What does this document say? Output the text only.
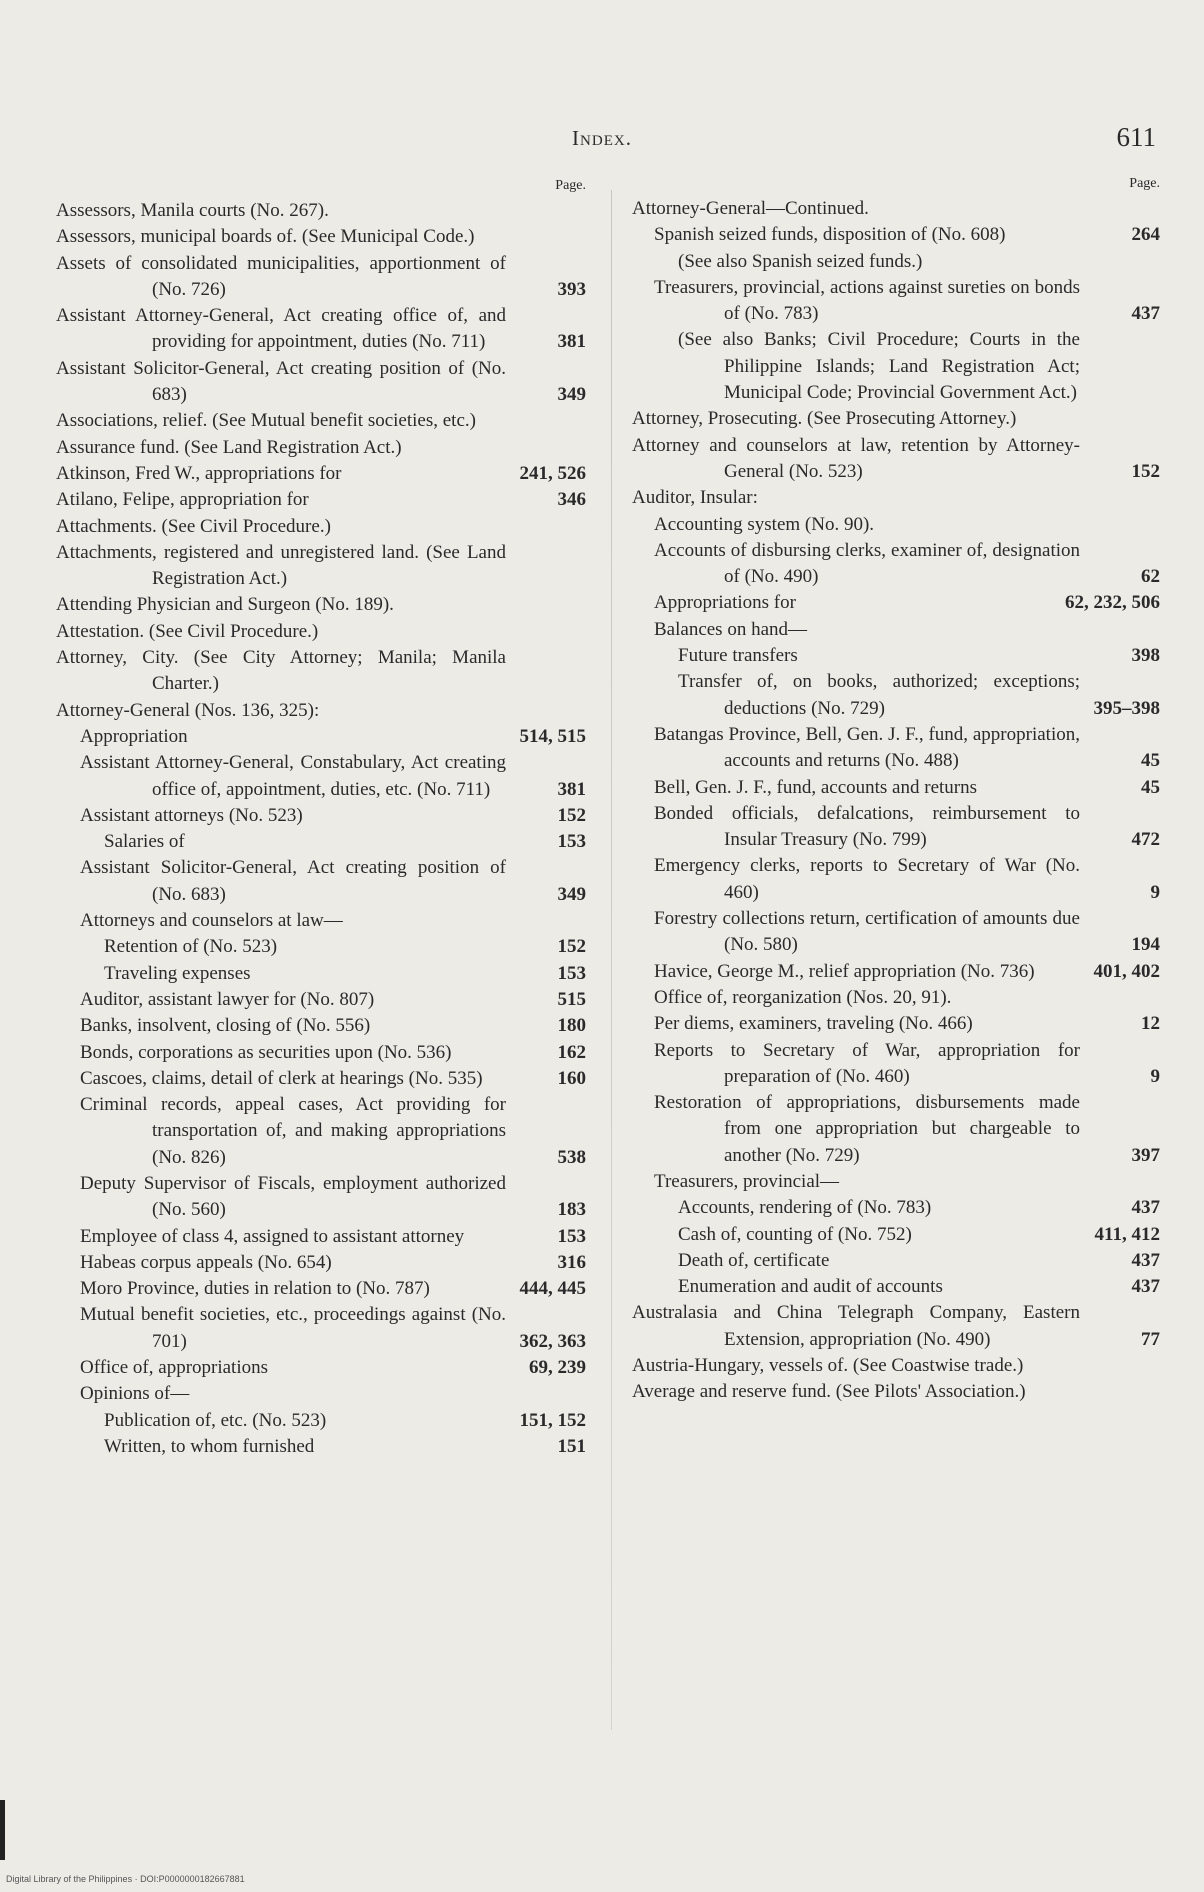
Index.	611
Page.
Assessors, Manila courts (No. 267).
Assessors, municipal boards of. (See Municipal Code.)
Assets of consolidated municipalities, apportionment of (No. 726)	393
Assistant Attorney-General, Act creating office of, and providing for appointment, duties (No. 711)	381
Assistant Solicitor-General, Act creating position of (No. 683)	349
Associations, relief. (See Mutual benefit societies, etc.)
Assurance fund. (See Land Registration Act.)
Atkinson, Fred W., appropriations for	241, 526
Atilano, Felipe, appropriation for	346
Attachments. (See Civil Procedure.)
Attachments, registered and unregistered land. (See Land Registration Act.)
Attending Physician and Surgeon (No. 189).
Attestation. (See Civil Procedure.)
Attorney, City. (See City Attorney; Manila; Manila Charter.)
Attorney-General (Nos. 136, 325):
Appropriation	514, 515
Assistant Attorney-General, Constabulary, Act creating office of, appointment, duties, etc. (No. 711)	381
Assistant attorneys (No. 523)	152
Salaries of	153
Assistant Solicitor-General, Act creating position of (No. 683)	349
Attorneys and counselors at law—
Retention of (No. 523)	152
Traveling expenses	153
Auditor, assistant lawyer for (No. 807)	515
Banks, insolvent, closing of (No. 556)	180
Bonds, corporations as securities upon (No. 536)	162
Cascoes, claims, detail of clerk at hearings (No. 535)	160
Criminal records, appeal cases, Act providing for transportation of, and making appropriations (No. 826)	538
Deputy Supervisor of Fiscals, employment authorized (No. 560)	183
Employee of class 4, assigned to assistant attorney	153
Habeas corpus appeals (No. 654)	316
Moro Province, duties in relation to (No. 787)	444, 445
Mutual benefit societies, etc., proceedings against (No. 701)	362, 363
Office of, appropriations	69, 239
Opinions of—
Publication of, etc. (No. 523)	151, 152
Written, to whom furnished	151
Page.
Attorney-General—Continued.
Spanish seized funds, disposition of (No. 608)	264
(See also Spanish seized funds.)
Treasurers, provincial, actions against sureties on bonds of (No. 783)	437
(See also Banks; Civil Procedure; Courts in the Philippine Islands; Land Registration Act; Municipal Code; Provincial Government Act.)
Attorney, Prosecuting. (See Prosecuting Attorney.)
Attorney and counselors at law, retention by Attorney-General (No. 523)	152
Auditor, Insular:
Accounting system (No. 90).
Accounts of disbursing clerks, examiner of, designation of (No. 490)	62
Appropriations for	62, 232, 506
Balances on hand—
Future transfers	398
Transfer of, on books, authorized; exceptions; deductions (No. 729)	395–398
Batangas Province, Bell, Gen. J. F., fund, appropriation, accounts and returns (No. 488)	45
Bell, Gen. J. F., fund, accounts and returns	45
Bonded officials, defalcations, reimbursement to Insular Treasury (No. 799)	472
Emergency clerks, reports to Secretary of War (No. 460)	9
Forestry collections return, certification of amounts due (No. 580)	194
Havice, George M., relief appropriation (No. 736)	401, 402
Office of, reorganization (Nos. 20, 91).
Per diems, examiners, traveling (No. 466)	12
Reports to Secretary of War, appropriation for preparation of (No. 460)	9
Restoration of appropriations, disbursements made from one appropriation but chargeable to another (No. 729)	397
Treasurers, provincial—
Accounts, rendering of (No. 783)	437
Cash of, counting of (No. 752)	411, 412
Death of, certificate	437
Enumeration and audit of accounts	437
Australasia and China Telegraph Company, Eastern Extension, appropriation (No. 490)	77
Austria-Hungary, vessels of. (See Coastwise trade.)
Average and reserve fund. (See Pilots' Association.)
Digital Library of the Philippines · DOI:P0000000182667881
